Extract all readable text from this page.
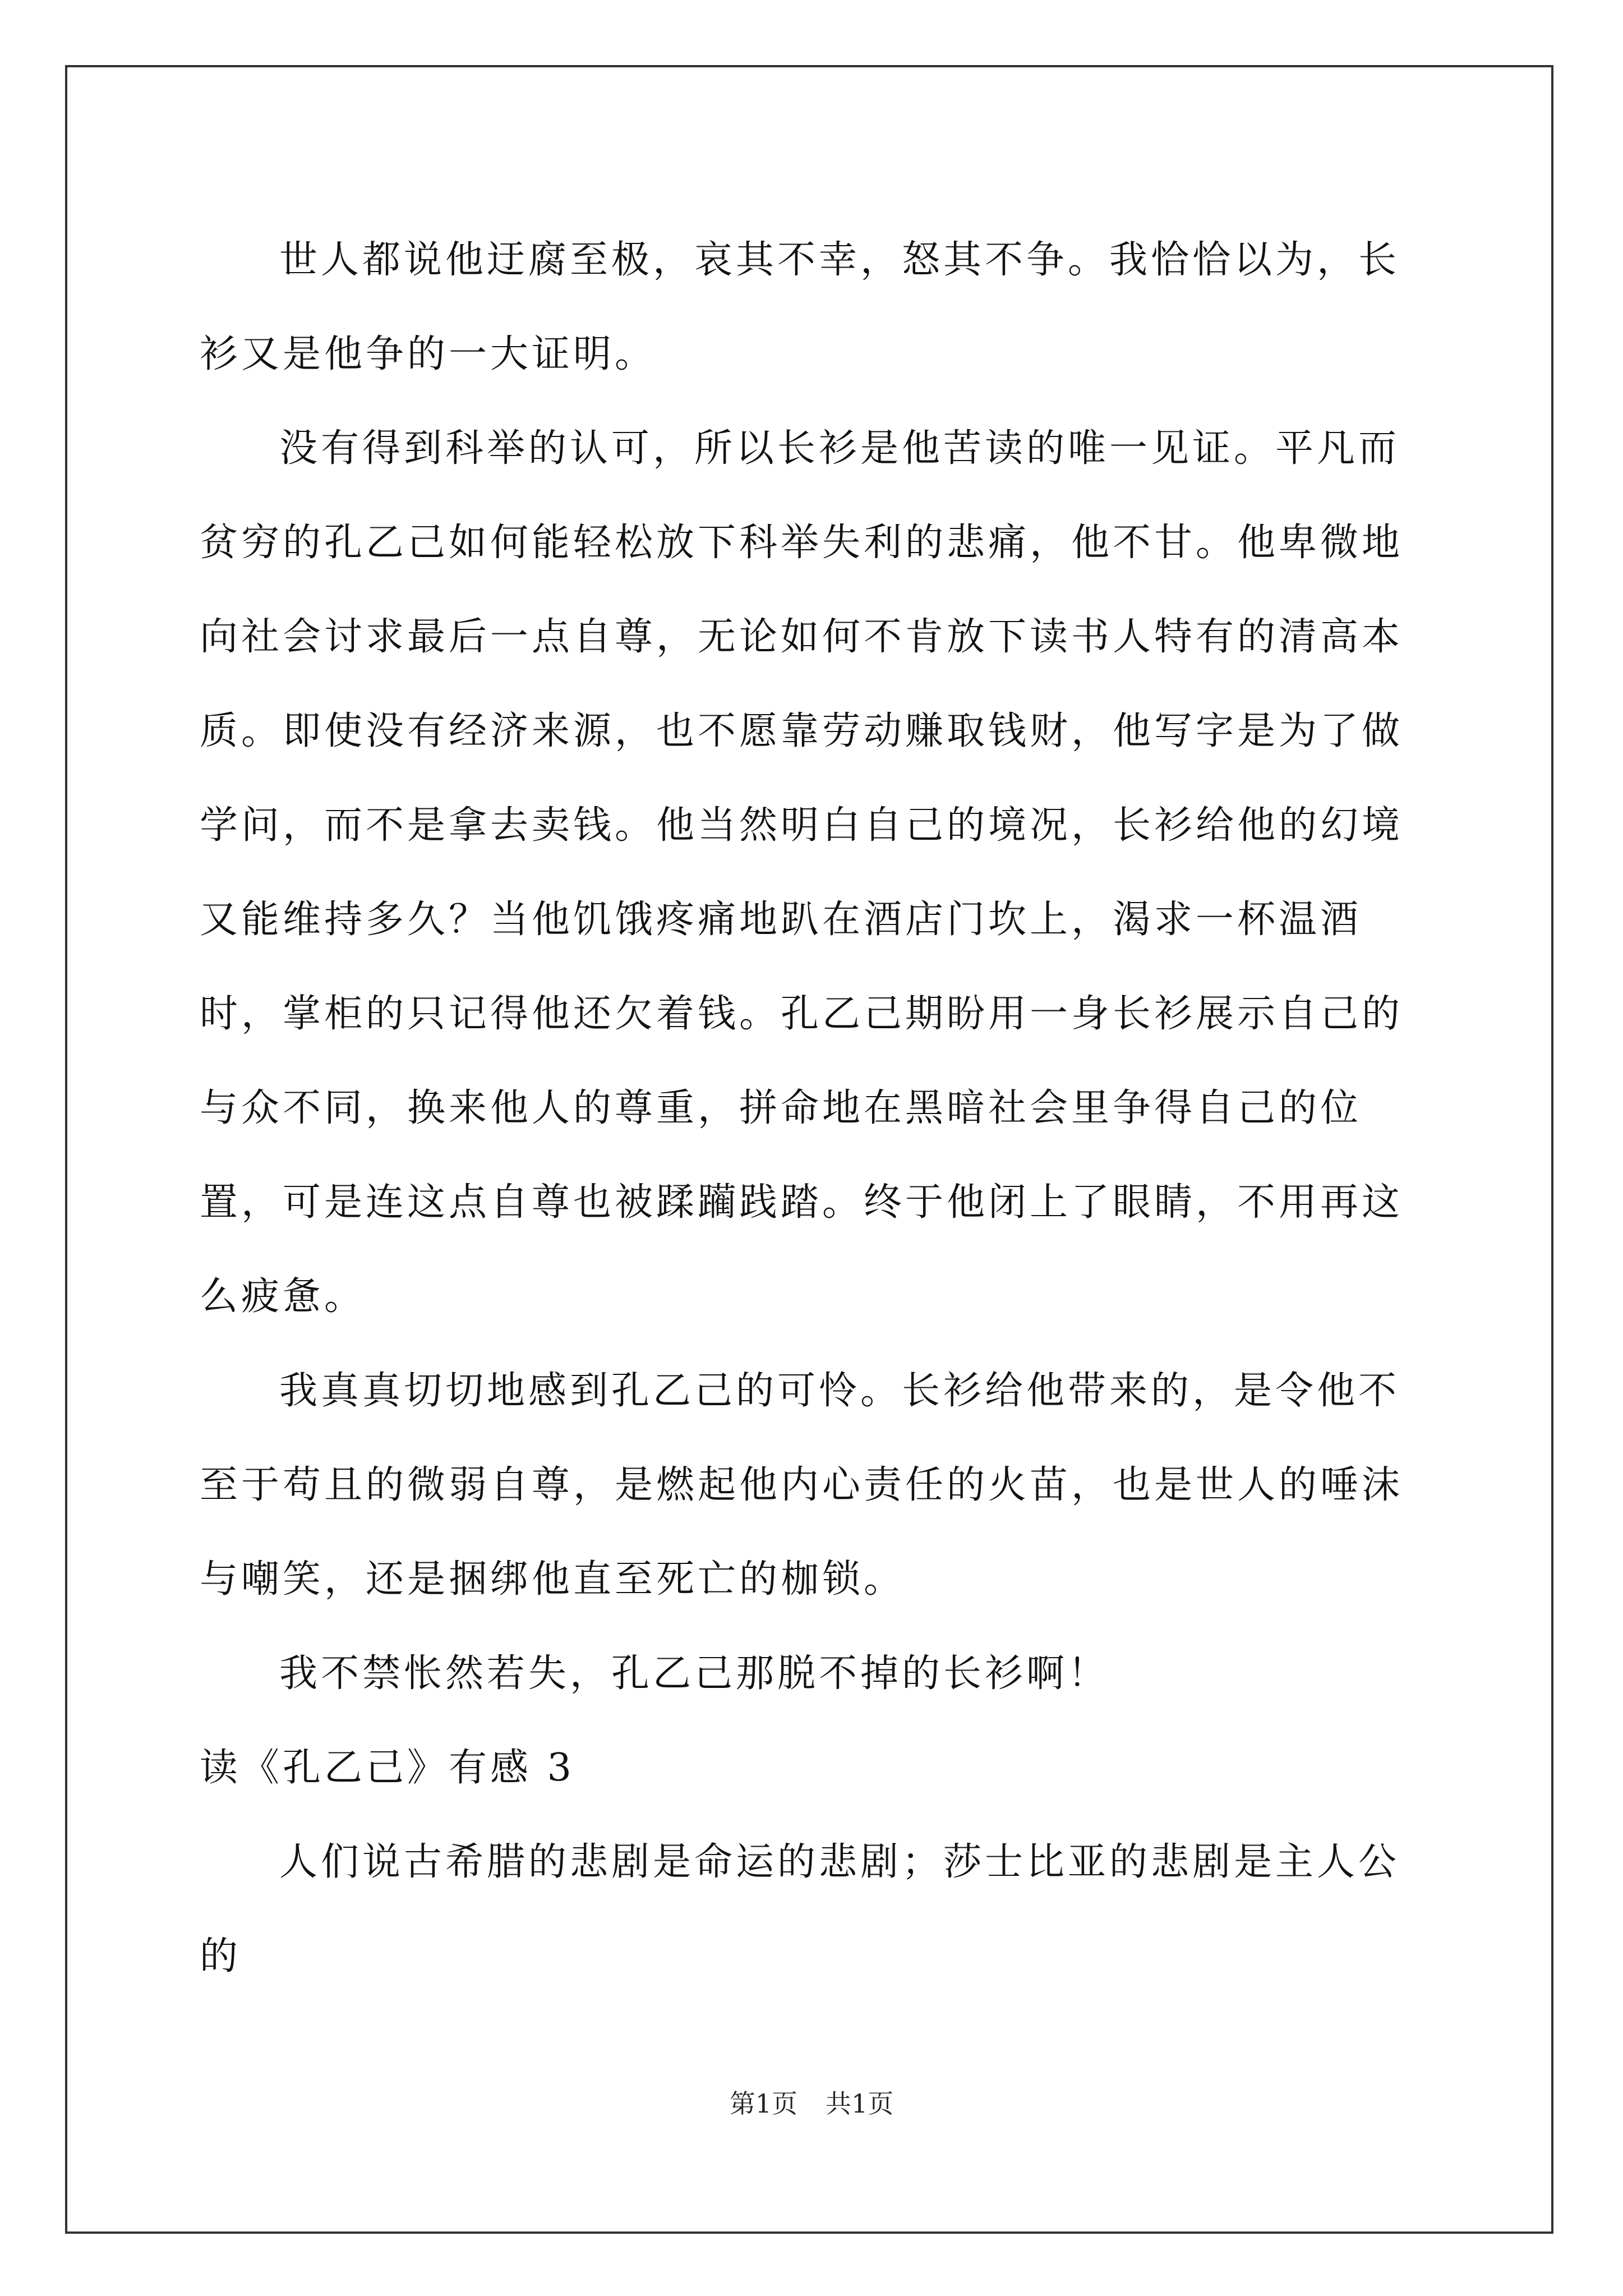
世人都说他迂腐至极，哀其不幸，怒其不争。我恰恰以为，长衫又是他争的一大证明。

没有得到科举的认可，所以长衫是他苦读的唯一见证。平凡而贫穷的孔乙己如何能轻松放下科举失利的悲痛，他不甘。他卑微地向社会讨求最后一点自尊，无论如何不肯放下读书人特有的清高本质。即使没有经济来源，也不愿靠劳动赚取钱财，他写字是为了做学问，而不是拿去卖钱。他当然明白自己的境况，长衫给他的幻境又能维持多久？当他饥饿疼痛地趴在酒店门坎上，渴求一杯温酒时，掌柜的只记得他还欠着钱。孔乙己期盼用一身长衫展示自己的与众不同，换来他人的尊重，拼命地在黑暗社会里争得自己的位置，可是连这点自尊也被蹂躏践踏。终于他闭上了眼睛，不用再这么疲惫。

我真真切切地感到孔乙己的可怜。长衫给他带来的，是令他不至于苟且的微弱自尊，是燃起他内心责任的火苗，也是世人的唾沫与嘲笑，还是捆绑他直至死亡的枷锁。

我不禁怅然若失，孔乙己那脱不掉的长衫啊！

读《孔乙己》有感 3

人们说古希腊的悲剧是命运的悲剧；莎士比亚的悲剧是主人公的

第1页 共1页
